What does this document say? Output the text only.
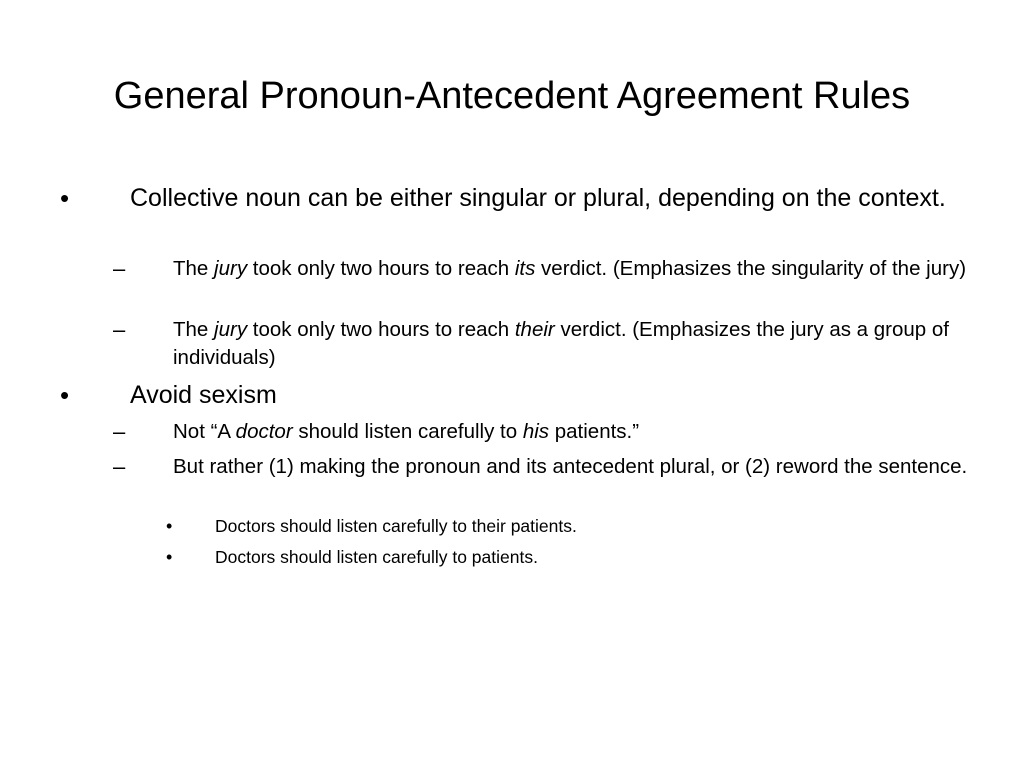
General Pronoun-Antecedent Agreement Rules
• Collective noun can be either singular or plural, depending on the context.
– The jury took only two hours to reach its verdict. (Emphasizes the singularity of the jury)
– The jury took only two hours to reach their verdict. (Emphasizes the jury as a group of individuals)
• Avoid sexism
– Not “A doctor should listen carefully to his patients.”
– But rather (1) making the pronoun and its antecedent plural, or (2) reword the sentence.
• Doctors should listen carefully to their patients.
• Doctors should listen carefully to patients.
